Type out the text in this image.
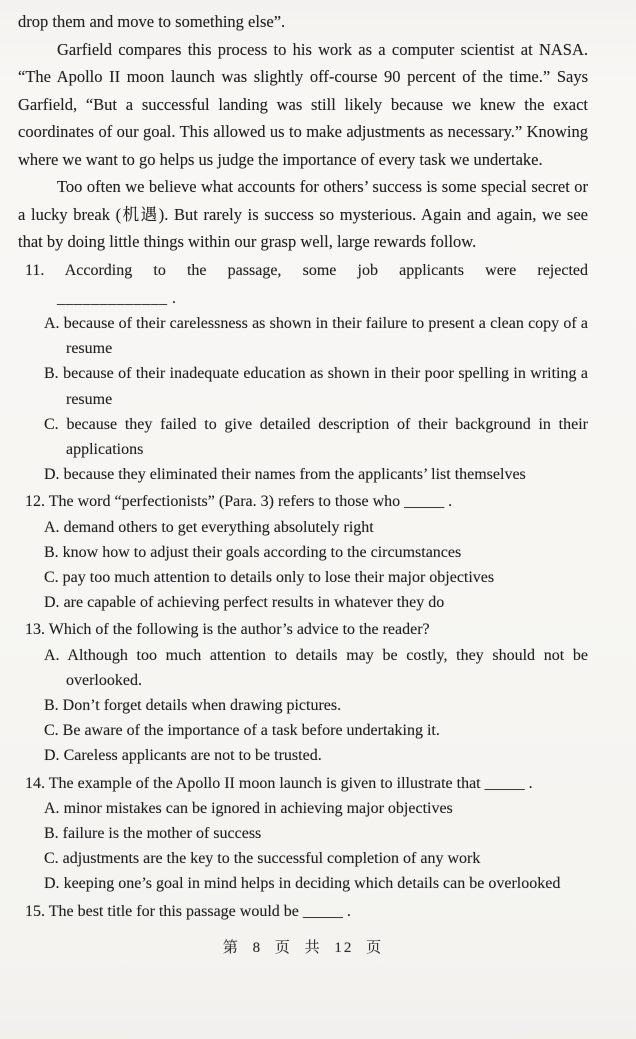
drop them and move to something else”.

Garfield compares this process to his work as a computer scientist at NASA. “The Apollo II moon launch was slightly off-course 90 percent of the time.” Says Garfield, “But a successful landing was still likely because we knew the exact coordinates of our goal. This allowed us to make adjustments as necessary.” Knowing where we want to go helps us judge the importance of every task we undertake.

Too often we believe what accounts for others’ success is some special secret or a lucky break (机遇). But rarely is success so mysterious. Again and again, we see that by doing little things within our grasp well, large rewards follow.

11. According to the passage, some job applicants were rejected
_____________ .
A. because of their carelessness as shown in their failure to present a clean copy of a resume
B. because of their inadequate education as shown in their poor spelling in writing a resume
C. because they failed to give detailed description of their background in their applications
D. because they eliminated their names from the applicants’ list themselves
12. The word “perfectionists” (Para. 3) refers to those who _____ .
A. demand others to get everything absolutely right
B. know how to adjust their goals according to the circumstances
C. pay too much attention to details only to lose their major objectives
D. are capable of achieving perfect results in whatever they do
13. Which of the following is the author’s advice to the reader?
A. Although too much attention to details may be costly, they should not be overlooked.
B. Don’t forget details when drawing pictures.
C. Be aware of the importance of a task before undertaking it.
D. Careless applicants are not to be trusted.
14. The example of the Apollo II moon launch is given to illustrate that _____ .
A. minor mistakes can be ignored in achieving major objectives
B. failure is the mother of success
C. adjustments are the key to the successful completion of any work
D. keeping one’s goal in mind helps in deciding which details can be overlooked
15. The best title for this passage would be _____ .
第 8 页 共 12 页
